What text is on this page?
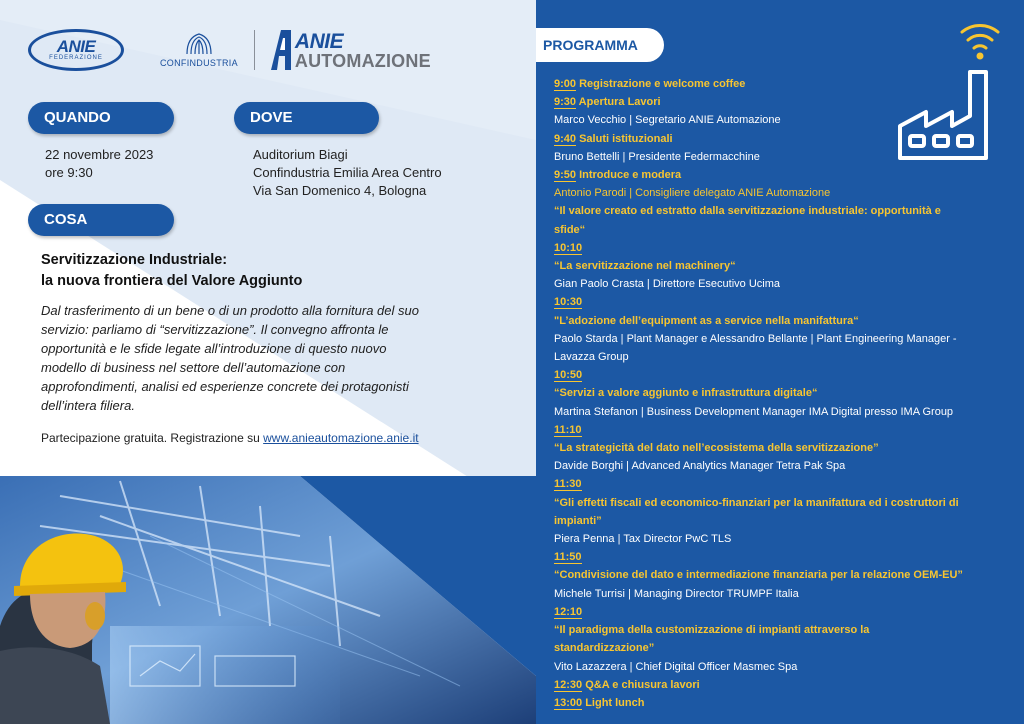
ANIE
FEDERAZIONE	CONFINDUSTRIA
ANIE
AUTOMAZIONE
QUANDO	DOVE
22 novembre 2023
ore 9:30
Auditorium Biagi
Confindustria Emilia Area Centro
Via San Domenico 4, Bologna
COSA
Servitizzazione Industriale:
la nuova frontiera del Valore Aggiunto
Dal trasferimento di un bene o di un prodotto alla fornitura del suo
servizio: parliamo di “servitizzazione”. Il convegno affronta le
opportunità e le sfide legate all’introduzione di questo nuovo
modello di business nel settore dell’automazione con
approfondimenti, analisi ed esperienze concrete dei protagonisti
dell’intera filiera.
Partecipazione gratuita. Registrazione su www.anieautomazione.anie.it
PROGRAMMA
9:00 Registrazione e welcome coffee
9:30 Apertura Lavori
Marco Vecchio | Segretario ANIE Automazione
9:40 Saluti istituzionali
Bruno Bettelli | Presidente Federmacchine
9:50 Introduce e modera
Antonio Parodi | Consigliere delegato ANIE Automazione
“Il valore creato ed estratto dalla servitizzazione industriale: opportunità e
sfide“
10:10
“La servitizzazione nel machinery“
Gian Paolo Crasta | Direttore Esecutivo Ucima
10:30
"L’adozione dell’equipment as a service nella manifattura“
Paolo Starda | Plant Manager e Alessandro Bellante | Plant Engineering Manager -
Lavazza Group
10:50
“Servizi a valore aggiunto e infrastruttura digitale“
Martina Stefanon | Business Development Manager IMA Digital presso IMA Group
11:10
“La strategicità del dato nell’ecosistema della servitizzazione”
Davide Borghi | Advanced Analytics Manager Tetra Pak Spa
11:30
“Gli effetti fiscali ed economico-finanziari per la manifattura ed i costruttori di
impianti”
Piera Penna | Tax Director PwC TLS
11:50
“Condivisione del dato e intermediazione finanziaria per la relazione OEM-EU”
Michele Turrisi | Managing Director TRUMPF Italia
12:10
“Il paradigma della customizzazione di impianti attraverso la
standardizzazione”
Vito Lazazzera | Chief Digital Officer Masmec Spa
12:30 Q&A e chiusura lavori
13:00 Light lunch
